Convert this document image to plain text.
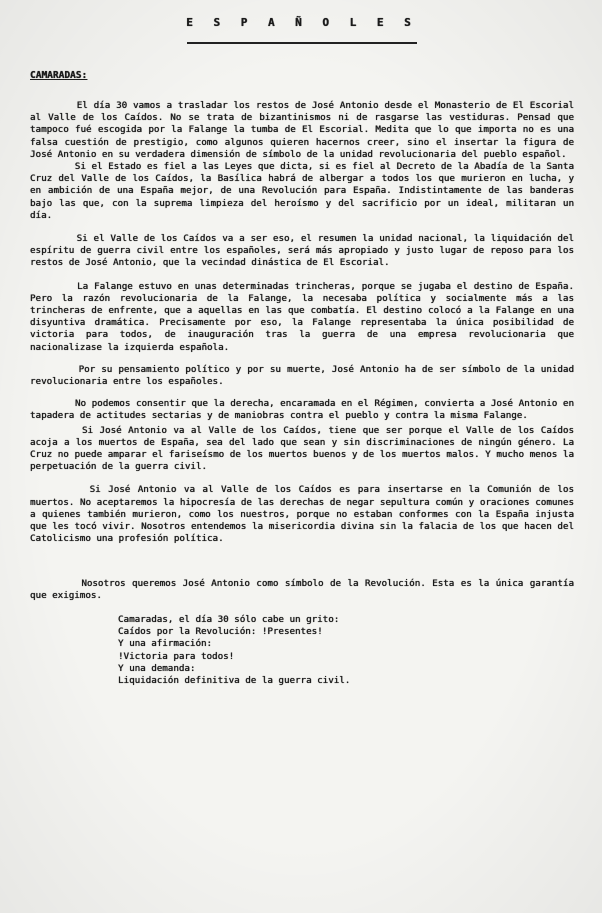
E S P A Ñ O L E S
CAMARADAS:

El día 30 vamos a trasladar los restos de José Antonio desde el Monasterio de El Escorial al Valle de los Caídos. No se trata de bizantinismos ni de rasgarse las vestiduras. Pensad que tampoco fué escogida por la Falange la tumba de El Escorial. Medita que lo que importa no es una falsa cuestión de prestigio, como algunos quieren hacernos creer, sino el insertar la figura de José Antonio en su verdadera dimensión de símbolo de la unidad revolucionaria del pueblo español.

Si el Estado es fiel a las Leyes que dicta, si es fiel al Decreto de la Abadía de la Santa Cruz del Valle de los Caídos, la Basílica habrá de albergar a todos los que murieron en lucha, y en ambición de una España mejor, de una Revolución para España. Indistintamente de las banderas bajo las que, con la suprema limpieza del heroísmo y del sacrificio por un ideal, militaran un día.

Si el Valle de los Caídos va a ser eso, el resumen la unidad nacional, la liquidación del espíritu de guerra civil entre los españoles, será más apropiado y justo lugar de reposo para los restos de José Antonio, que la vecindad dinástica de El Escorial.

La Falange estuvo en unas determinadas trincheras, porque se jugaba el destino de España. Pero la razón revolucionaria de la Falange, la necesaba política y socialmente más a las trincheras de enfrente, que a aquellas en las que combatía. El destino colocó a la Falange en una disyuntiva dramática. Precisamente por eso, la Falange representaba la única posibilidad de victoria para todos, de inauguración tras la guerra de una empresa revolucionaria que nacionalizase la izquierda española.

Por su pensamiento político y por su muerte, José Antonio ha de ser símbolo de la unidad revolucionaria entre los españoles.

No podemos consentir que la derecha, encaramada en el Régimen, convierta a José Antonio en tapadera de actitudes sectarias y de maniobras contra el pueblo y contra la misma Falange.

Si José Antonio va al Valle de los Caídos, tiene que ser porque el Valle de los Caídos acoja a los muertos de España, sea del lado que sean y sin discriminaciones de ningún género. La Cruz no puede amparar el fariseísmo de los muertos buenos y de los muertos malos. Y mucho menos la perpetuación de la guerra civil.

Si José Antonio va al Valle de los Caídos es para insertarse en la Comunión de los muertos. No aceptaremos la hipocresía de las derechas de negar sepultura común y oraciones comunes a quienes también murieron, como los nuestros, porque no estaban conformes con la España injusta que les tocó vivir. Nosotros entendemos la misericordia divina sin la falacia de los que hacen del Catolicismo una profesión política.

Nosotros queremos José Antonio como símbolo de la Revolución. Esta es la única garantía que exigimos.

Camaradas, el día 30 sólo cabe un grito:
Caídos por la Revolución: !Presentes!
Y una afirmación:
!Victoria para todos!
Y una demanda:
Liquidación definitiva de la guerra civil.
